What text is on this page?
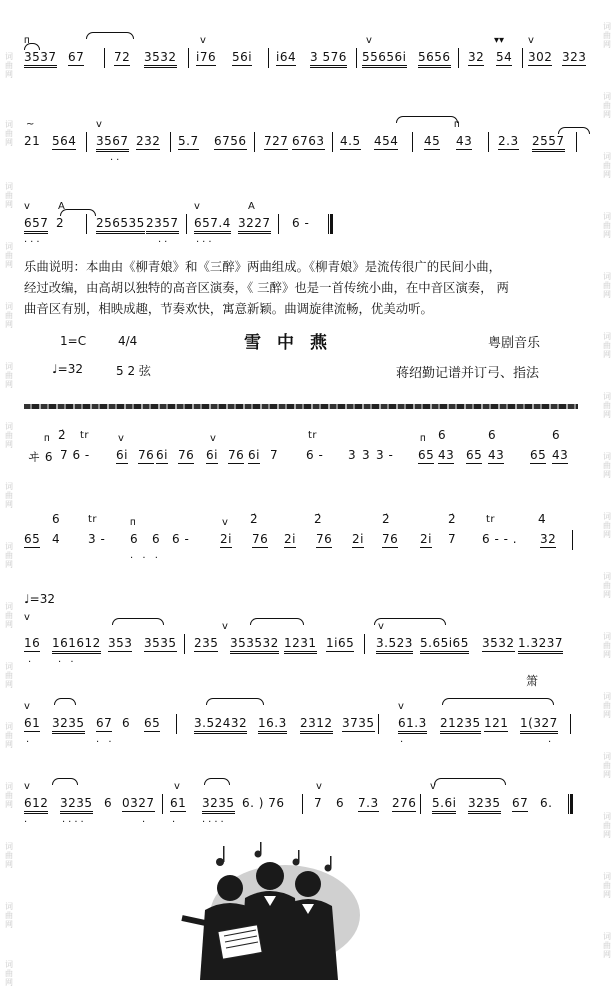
词曲网
词曲网
词曲网
词曲网
词曲网
词曲网
词曲网
词曲网
词曲网
词曲网
词曲网
词曲网
词曲网
词曲网
词曲网
词曲网
词曲网
词曲网
词曲网
词曲网
词曲网
词曲网
词曲网
词曲网
词曲网
词曲网
词曲网
词曲网
词曲网
词曲网
词曲网
词曲网
ᴨ	v	v	▾▾ v
3537 67 72 3532 i76 56i i64 3 576 55656i 5656 32 54 302 323
~	v	ᴨ
21 564 3567
..
232 5.7 6756 727 6763 4.5 454 45 43 2.3 2557
v	A	v	A
657
...
2	256535 2357
..
657.4
...
3227 6 -
乐曲说明：本曲由《柳青娘》和《三醉》两曲组成。《柳青娘》是流传很广的民间小曲，
经过改编，由高胡以独特的高音区演奏，《 三醉》也是一首传统小曲，在中音区演奏， 两
曲音区有别，相映成趣，节奏欢快，寓意新颖。曲调旋律流畅，优美动听。
1=C	4/4	雪中燕	粤剧音乐
♩=32	5 2 弦	蒋绍勤记谱并订弓、指法
ᴨ	v	v	ᴨ
ヰ 6
2̇ tr
7 6 - 6i 76 6i 76 6i 76 6i 7
tr
6 - 3 3 3 - 65
6
43 65
6
43 65
6
43
ᴨ	v
65
6
4
tr
3 - 6 6 6 -
. . .
2i
2̇
76 2i
2̇
76 2i
2̇
76 2i
2̇
7
tr
6 - - .
4
32
♩=32
v
v	v
16
.
161612
. .
353 3535 235 353532 1231 1i65 3.523 5.65i65 3532 1.3237
箫
v	v
61
.
3235 67
. .
6 65	3.52432 16.3 2312 3735 61.3
.
21235 121 1(327
.
v	v	v	v
612
.
3235
....
6 0327
.
61
.
3235
....
6. ) 76 7 6 7.3 276 5.6i 3235 67 6.
